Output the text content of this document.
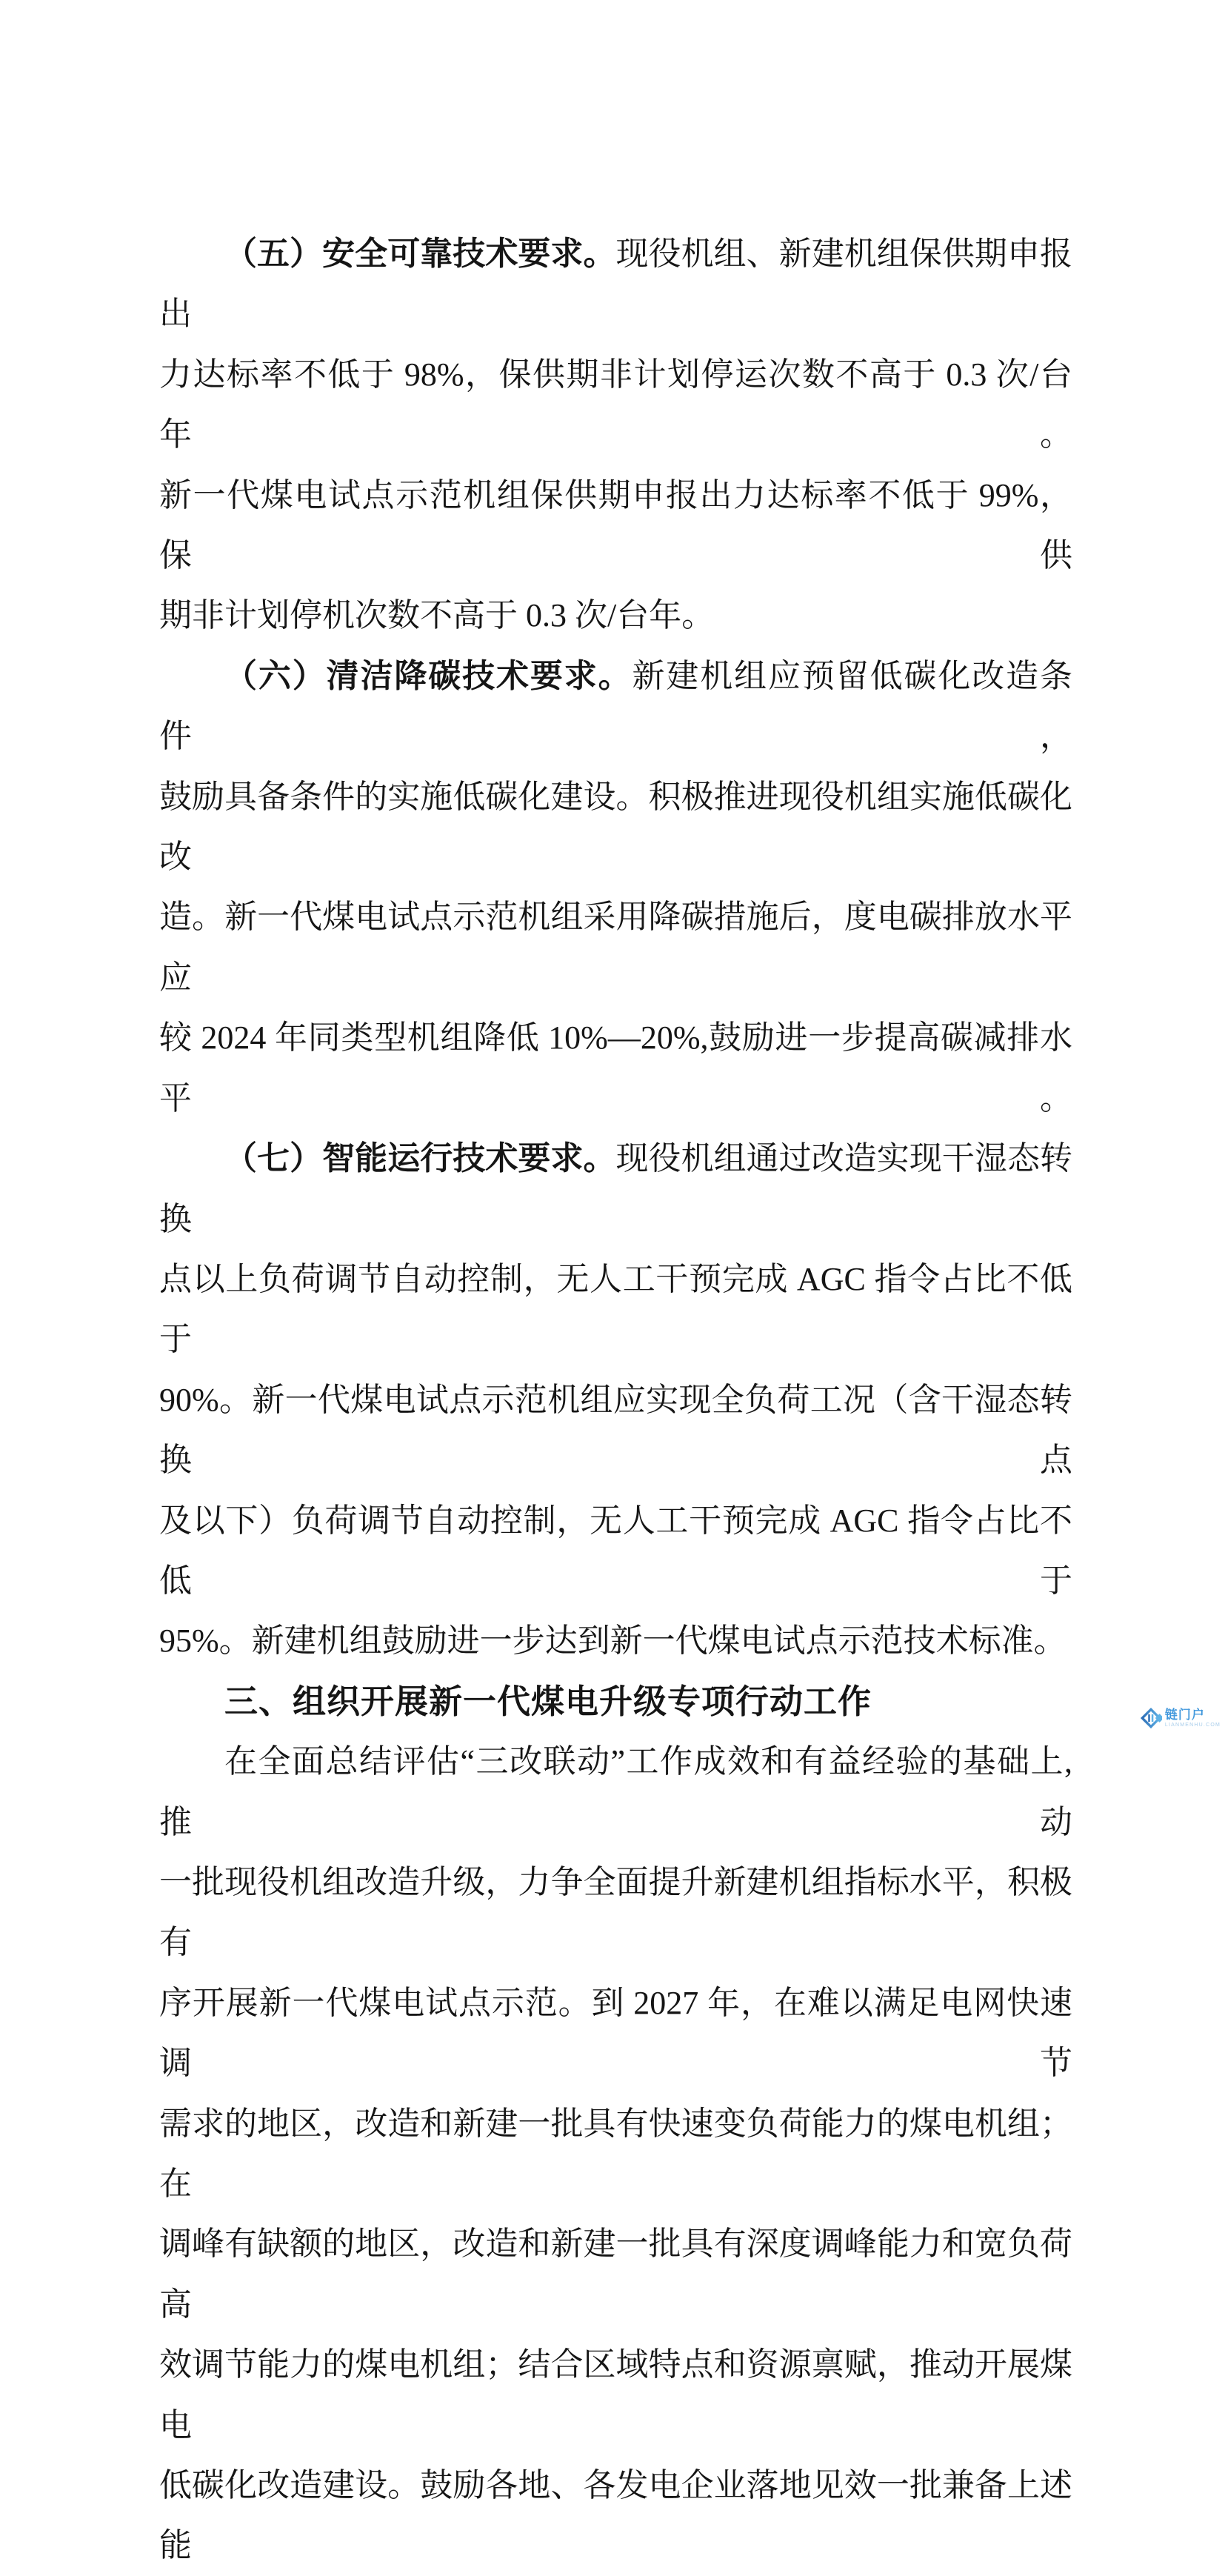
（五）安全可靠技术要求。现役机组、新建机组保供期申报出
力达标率不低于 98%，保供期非计划停运次数不高于 0.3 次/台年。
新一代煤电试点示范机组保供期申报出力达标率不低于 99%，保供
期非计划停机次数不高于 0.3 次/台年。
（六）清洁降碳技术要求。新建机组应预留低碳化改造条件，
鼓励具备条件的实施低碳化建设。积极推进现役机组实施低碳化改
造。新一代煤电试点示范机组采用降碳措施后，度电碳排放水平应
较 2024 年同类型机组降低 10%—20%,鼓励进一步提高碳减排水平。
（七）智能运行技术要求。现役机组通过改造实现干湿态转换
点以上负荷调节自动控制，无人工干预完成 AGC 指令占比不低于
90%。新一代煤电试点示范机组应实现全负荷工况（含干湿态转换点
及以下）负荷调节自动控制，无人工干预完成 AGC 指令占比不低于
95%。新建机组鼓励进一步达到新一代煤电试点示范技术标准。
三、组织开展新一代煤电升级专项行动工作
在全面总结评估“三改联动”工作成效和有益经验的基础上,推动
一批现役机组改造升级，力争全面提升新建机组指标水平，积极有
序开展新一代煤电试点示范。到 2027 年，在难以满足电网快速调节
需求的地区，改造和新建一批具有快速变负荷能力的煤电机组；在
调峰有缺额的地区，改造和新建一批具有深度调峰能力和宽负荷高
效调节能力的煤电机组；结合区域特点和资源禀赋，推动开展煤电
低碳化改造建设。鼓励各地、各发电企业落地见效一批兼备上述能
链门户
LIANMENHU.COM
